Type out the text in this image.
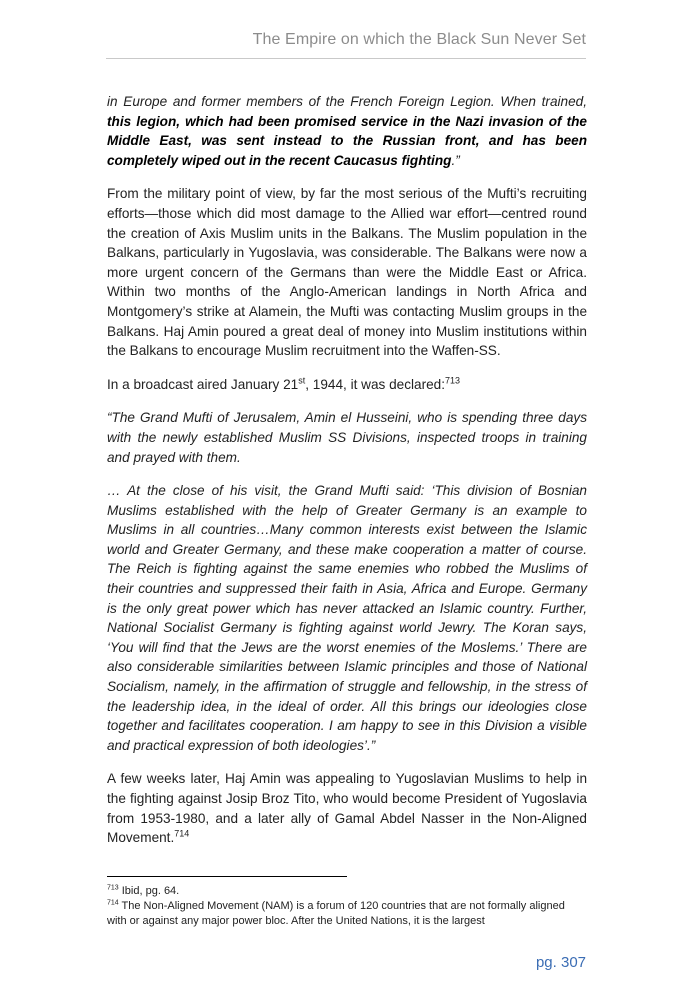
The Empire on which the Black Sun Never Set

in Europe and former members of the French Foreign Legion. When trained, this legion, which had been promised service in the Nazi invasion of the Middle East, was sent instead to the Russian front, and has been completely wiped out in the recent Caucasus fighting.”

From the military point of view, by far the most serious of the Mufti’s recruiting efforts—those which did most damage to the Allied war effort—centred round the creation of Axis Muslim units in the Balkans. The Muslim population in the Balkans, particularly in Yugoslavia, was considerable. The Balkans were now a more urgent concern of the Germans than were the Middle East or Africa. Within two months of the Anglo-American landings in North Africa and Montgomery’s strike at Alamein, the Mufti was contacting Muslim groups in the Balkans. Haj Amin poured a great deal of money into Muslim institutions within the Balkans to encourage Muslim recruitment into the Waffen-SS.

In a broadcast aired January 21st, 1944, it was declared:$^{713}$

“The Grand Mufti of Jerusalem, Amin el Husseini, who is spending three days with the newly established Muslim SS Divisions, inspected troops in training and prayed with them.

… At the close of his visit, the Grand Mufti said: ‘This division of Bosnian Muslims established with the help of Greater Germany is an example to Muslims in all countries…Many common interests exist between the Islamic world and Greater Germany, and these make cooperation a matter of course. The Reich is fighting against the same enemies who robbed the Muslims of their countries and suppressed their faith in Asia, Africa and Europe. Germany is the only great power which has never attacked an Islamic country. Further, National Socialist Germany is fighting against world Jewry. The Koran says, ‘You will find that the Jews are the worst enemies of the Moslems.’ There are also considerable similarities between Islamic principles and those of National Socialism, namely, in the affirmation of struggle and fellowship, in the stress of the leadership idea, in the ideal of order. All this brings our ideologies close together and facilitates cooperation. I am happy to see in this Division a visible and practical expression of both ideologies’.”

A few weeks later, Haj Amin was appealing to Yugoslavian Muslims to help in the fighting against Josip Broz Tito, who would become President of Yugoslavia from 1953-1980, and a later ally of Gamal Abdel Nasser in the Non-Aligned Movement.$^{714}$

$^{713}$ Ibid, pg. 64.

$^{714}$ The Non-Aligned Movement (NAM) is a forum of 120 countries that are not formally aligned with or against any major power bloc. After the United Nations, it is the largest

pg. 307
